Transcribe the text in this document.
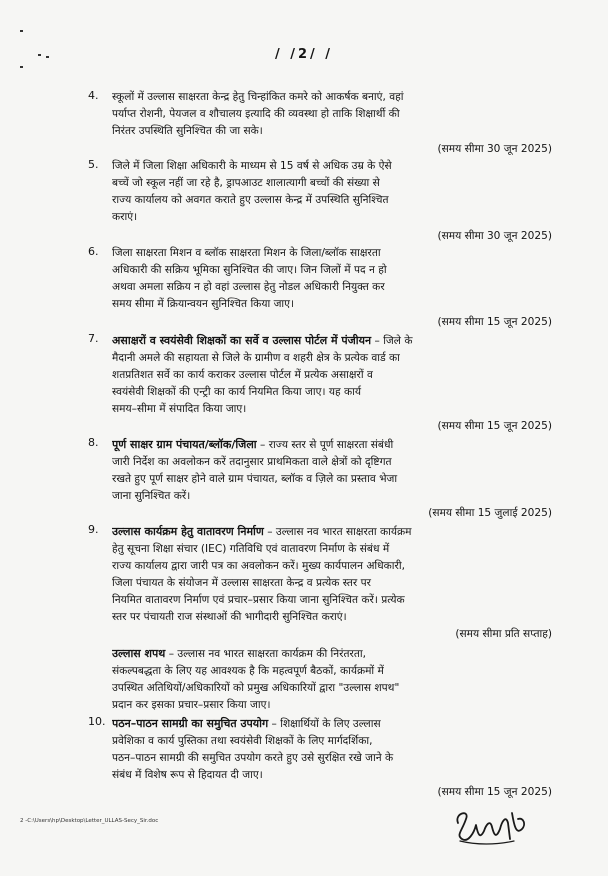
/ /2/ /
4. स्कूलों में उल्लास साक्षरता केन्द्र हेतु चिन्हांकित कमरे को आकर्षक बनाएं, वहां
पर्याप्त रोशनी, पेयजल व शौचालय इत्यादि की व्यवस्था हो ताकि शिक्षार्थी की
निरंतर उपस्थिति सुनिश्चित की जा सके।
(समय सीमा 30 जून 2025)
5. जिले में जिला शिक्षा अधिकारी के माध्यम से 15 वर्ष से अधिक उम्र के ऐसे
बच्चें जो स्कूल नहीं जा रहे है, ड्रापआउट शालात्यागी बच्चों की संख्या से
राज्य कार्यालय को अवगत कराते हुए उल्लास केन्द्र में उपस्थिति सुनिश्चित
कराएं।
(समय सीमा 30 जून 2025)
6. जिला साक्षरता मिशन व ब्लॉक साक्षरता मिशन के जिला/ब्लॉक साक्षरता
अधिकारी की सक्रिय भूमिका सुनिश्चित की जाए। जिन जिलों में पद न हो
अथवा अमला सक्रिय न हो वहां उल्लास हेतु नोडल अधिकारी नियुक्त कर
समय सीमा में क्रियान्वयन सुनिश्चित किया जाए।
(समय सीमा 15 जून 2025)
7. असाक्षरों व स्वयंसेवी शिक्षकों का सर्वे व उल्लास पोर्टल में पंजीयन – जिले के
मैदानी अमले की सहायता से जिले के ग्रामीण व शहरी क्षेत्र के प्रत्येक वार्ड का
शतप्रतिशत सर्वे का कार्य कराकर उल्लास पोर्टल में प्रत्येक असाक्षरों व
स्वयंसेवी शिक्षकों की एन्ट्री का कार्य नियमित किया जाए। यह कार्य
समय–सीमा में संपादित किया जाए।
(समय सीमा 15 जून 2025)
8. पूर्ण साक्षर ग्राम पंचायत/ब्लॉक/जिला – राज्य स्तर से पूर्ण साक्षरता संबंधी
जारी निर्देश का अवलोकन करें तदानुसार प्राथमिकता वाले क्षेत्रों को दृष्टिगत
रखते हुए पूर्ण साक्षर होने वाले ग्राम पंचायत, ब्लॉक व ज़िले का प्रस्ताव भेजा
जाना सुनिश्चित करें।
(समय सीमा 15 जुलाई 2025)
9. उल्लास कार्यक्रम हेतु वातावरण निर्माण – उल्लास नव भारत साक्षरता कार्यक्रम
हेतु सूचना शिक्षा संचार (IEC) गतिविधि एवं वातावरण निर्माण के संबंध में
राज्य कार्यालय द्वारा जारी पत्र का अवलोकन करें। मुख्य कार्यपालन अधिकारी,
जिला पंचायत के संयोजन में उल्लास साक्षरता केन्द्र व प्रत्येक स्तर पर
नियमित वातावरण निर्माण एवं प्रचार–प्रसार किया जाना सुनिश्चित करें। प्रत्येक
स्तर पर पंचायती राज संस्थाओं की भागीदारी सुनिश्चित कराएं।
(समय सीमा प्रति सप्ताह)
उल्लास शपथ – उल्लास नव भारत साक्षरता कार्यक्रम की निरंतरता,
संकल्पबद्धता के लिए यह आवश्यक है कि महत्वपूर्ण बैठकों, कार्यक्रमों में
उपस्थित अतिथियों/अधिकारियों को प्रमुख अधिकारियों द्वारा "उल्लास शपथ"
प्रदान कर इसका प्रचार–प्रसार किया जाए।
10. पठन–पाठन सामग्री का समुचित उपयोग – शिक्षार्थियों के लिए उल्लास
प्रवेशिका व कार्य पुस्तिका तथा स्वयंसेवी शिक्षकों के लिए मार्गदर्शिका,
पठन–पाठन सामग्री की समुचित उपयोग करते हुए उसे सुरक्षित रखे जाने के
संबंध में विशेष रूप से हिदायत दी जाए।
(समय सीमा 15 जून 2025)
2 -C:\Users\hp\Desktop\Letter_ULLAS-Secy_Sir.doc
